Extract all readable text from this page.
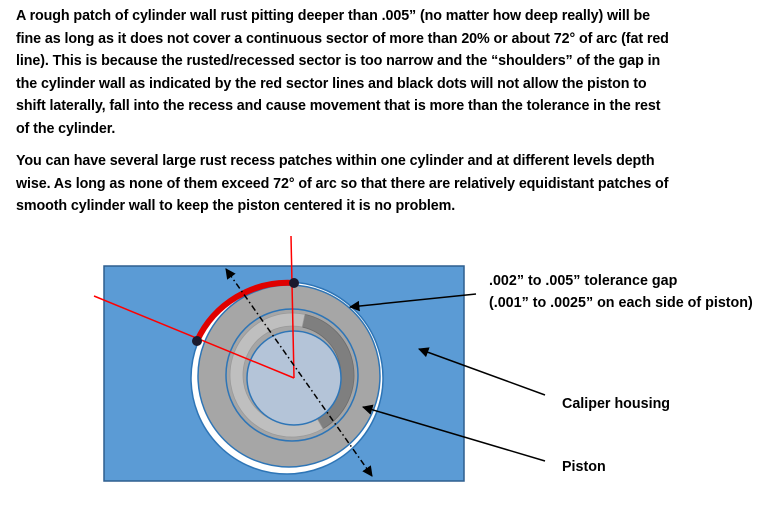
A rough patch of cylinder wall rust pitting deeper than .005” (no matter how deep really) will be
fine as long as it does not cover a continuous sector of more than 20% or about 72° of arc (fat red
line). This is because the rusted/recessed sector is too narrow and the “shoulders” of the gap in
the cylinder wall as indicated by the red sector lines and black dots will not allow the piston to
shift laterally, fall into the recess and cause movement that is more than the tolerance in the rest
of the cylinder.

You can have several large rust recess patches within one cylinder and at different levels depth
wise. As long as none of them exceed 72° of arc so that there are relatively equidistant patches of
smooth cylinder wall to keep the piston centered it is no problem.

.002” to .005” tolerance gap
(.001” to .0025” on each side of piston)
Caliper housing
Piston
